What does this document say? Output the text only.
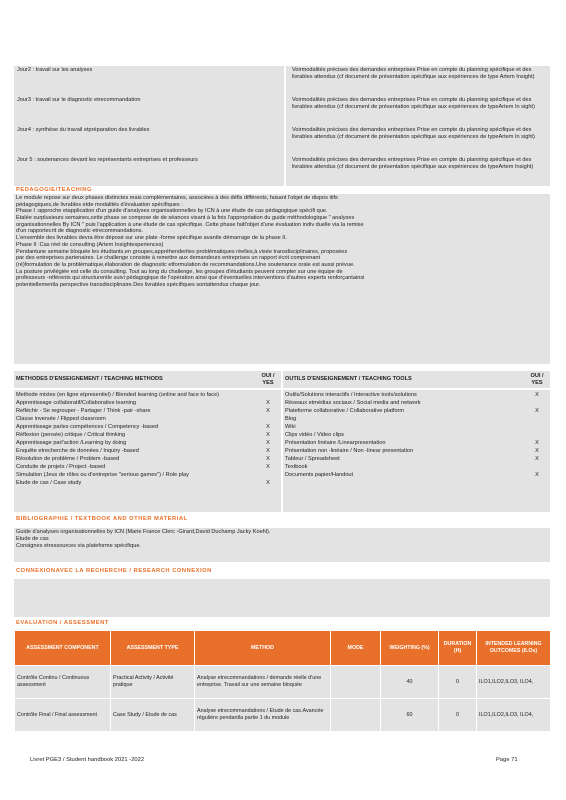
Jour2 : travail sur les analyses	Voirmodalités précises des demandes entreprises Prise en compte du planning spécifique et des livrables attendus (cf document de présentation spécifique aux expériences de type Artem Insight)
Jour3 : travail sur le diagnostic etrecommandation	Voirmodalités précises des demandes entreprises Prise en compte du planning spécifique et des livrables attendus (cf document de présentation spécifique aux expériences de typeArtem In sight)
Jour4 : synthèse du travail etpréparation des livrables	Voirmodalités précises des demandes entreprises Prise en compte du planning spécifique et des livrables attendus (cf document de présentation spécifique aux expériences de typeArtem In sight)
Jour 5 : soutenances devant les représentants entreprises et professeurs	Voirmodalités précises des demandes entreprises Prise en compte du planning spécifique et des livrables attendus (cf document de présentation spécifique aux expériences de typeArtem Insight)
PEDAGOGIE/TEACHING
Le module repose sur deux phases distinctes mais complémentaires, associées à des défis différents, faisant l'objet de dispos itifs
pédagogiques,de livrables etde modalités d'évaluation spécifiques :
Phase I :approche etapplication d'un guide d'analyses organisationnelles by ICN à une étude de cas pédagogique spécifi que.
Etalée surplusieurs semaines,cette phase se compose de de séances visant à la fois l'appropriation du guide méthodologique " analyses
organisationnelles By ICN " puis l'application à une étude de cas spécifique. Cette phase faitl'objet d'une évaluation indiv duelle via la remise
d'un rapportecrit de diagnostic etrecommandations.
L'ensemble des livrables devra être déposé sur une plate -forme spécifique avantle démarrage de la phase II.
Phase II :Cas réel de consulting (Artem Insightexperiences)
Pendantune semaine bloquée les étudiants,en groupes,appréhenderites problématiques réelles,à visée transdisciplinaires, proposées
par des entreprises partenaires. Le challenge consiste à remettre aux demandeurs entreprises un rapport écrit comprenant
(ré)formulation de la problématique,élaboration de diagnostic etformulation de recommandations.Une soutenance orale est aussi prévue.
La posture privilégiée est celle du consulting. Tout au long du challenge, les groupes d'étudiants peuvent compter sur une équipe de
professeurs -référents qui structurentle suivi pédagogique de l'opération ainsi que d'éventuelles interventions d'autres experts renforçantainsi
potentiellementla perspective transdisciplinaire.Des livrables spécifiques sontattendus chaque jour.
METHODES D'ENSEIGNEMENT / TEACHING METHODS
OUI / YES
OUTILS D'ENSEIGNEMENT / TEACHING TOOLS
OUI / YES
Methode mixtes (en ligne etpresentiel) / Blended learning (online and face to face)
Apprentissage collaboratif/Collaborative learning	X
Refléchir - Se regrouper - Partager / Think -pair -share	X
Classe inversée / Flipped classroom
Apprentissage parles compétences / Competency -based	X
Réflexion (pensée) critique / Critical thinking	X
Apprentissage parl'action /Learning by doing	X
Enquête etrecherche de données / Inquiry -based	X
Résolution de problème / Problem -based	X
Conduite de projets / Project -based	X
Simulation (Jeux de rôles ou d'entreprise "serious games") / Role play
Etude de cas / Case study	X
Outils/Solutions interactifs / Interactive tools/solutions	X
Réseaux etmédias sociaux / Social media and network
Plateforme collaborative / Collaborative platform	X
Blog
Wiki
Clips vidéo / Video clips
Présentation linéaire /Linearpresentation	X
Présentation non -linéaire / Non -linear presentation	X
Tableur / Spreadsheet	X
Textbook
Documents papier/Handout	X
BIBLIOGRAPHIE / TEXTBOOK AND OTHER MATERIAL
Guide d'analyses organisationnelles by ICN (Marie France Clerc -Girard,David Duchamp Jacky Koehl).
Etude de cas
Consignes etressources via plateforme spécifique.
CONNEXIONAVEC LA RECHERCHE / RESEARCH CONNEXION
EVALUATION / ASSESSMENT
ASSESSMENT COMPONENT	ASSESSMENT TYPE	METHOD	MODE	WEIGHTING (%)	DURATION (H)	INTENDED LEARNING OUTCOMES (ILOs)
Contrôle Continu / Continuous assessment	Practical Activity / Activité pratique	Analyse etrecommandations / demande réelle d'une entreprise. Travail sur une semaine bloquée		40	0	ILO1,ILO2,ILO3, ILO4,
Contrôle Final / Final assessment	Case Study / Etude de cas	Analyse etrecommandations / Etude de cas.Avancée régulière pendantla partie 1 du module		60	0	ILO1,ILO2,ILO3, ILO4,
Livret PGE3 / Student handbook 2021 -2022	Page 71
